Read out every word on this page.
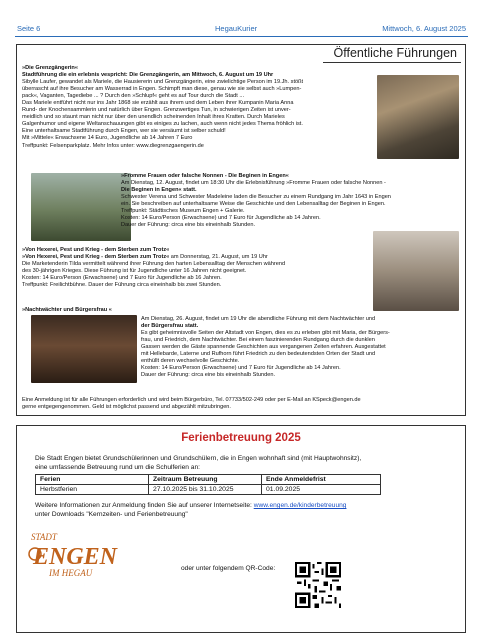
Seite 6	HegauKurier	Mittwoch, 6. August 2025
Öffentliche Führungen

»Die Grenzgängerin«

Stadtführung die ein erlebnis vespricht: Die Grenzgängerin, am Mittwoch, 6. August um 19 Uhr

Sibylle Laufer, gewandet als Mariele, die Hausiererin und Grenzgängerin, eine zwielichtige Person im 19.Jh. stößt

überrascht auf ihre Besucher am Wasserrad in Engen. Schimpft man diese, genau wie sie selbst auch »Lumpen-

pack«, Vaganten, Tagediebe ... ? Durch den »Schlupf« geht es auf Tour durch die Stadt ...

Das Mariele entführt nicht nur ins Jahr 1868 sie erzählt aus ihrem und dem Leben ihrer Kumpanin Maria Anna

Rund- der Knochensammlerin und natürlich über Engen. Grenzwertiges Tun, in schwierigen Zeiten ist unver-

meidlich und so staunt man nicht nur über den unendlich scheinenden Inhalt ihres Kratten. Durch Marieles

Galgenhumor und eigene Weltanschauungen gibt es einiges zu lachen, auch wenn nicht jedes Thema fröhlich ist.

Eine unterhaltsame Stadtführung durch Engen, wer sie versäumt ist selber schuld!

Mit »Mittele« Erwachsene 14 Euro, Jugendliche ab 14 Jahren 7 Euro

Treffpunkt: Felsenparkplatz. Mehr Infos unter: www.diegrenzgaengerin.de

»Fromme Frauen oder falsche Nonnen - Die Beginen in Engen«

Am Dienstag, 12. August, findet um 18:30 Uhr die Erlebnisführung »Fromme Frauen oder falsche Nonnen -

Die Beginen in Engen« statt.

Schwester Verena und Schwester Madeleine laden die Besucher zu einem Rundgang im Jahr 1643 in Engen

ein. Sie beschreiben auf unterhaltsame Weise die Geschichte und den Lebensalltag der Beginen in Engen.

Treffpunkt: Städtisches Museum Engen + Galerie.

Kosten: 14 Euro/Person (Erwachsene) und 7 Euro für Jugendliche ab 14 Jahren.

Dauer der Führung: circa eine bis eineinhalb Stunden.

»Von Hexerei, Pest und Krieg - dem Sterben zum Trotz«

»Von Hexerei, Pest und Krieg - dem Sterben zum Trotz« am Donnerstag, 21. August, um 19 Uhr

Die Marketenderin Tilda vermittelt während ihrer Führung den harten Lebensalltag der Menschen während

des 30-jährigen Krieges. Diese Führung ist für Jugendliche unter 16 Jahren nicht geeignet.

Kosten: 14 Euro/Person (Erwachsene) und 7 Euro für Jugendliche ab 16 Jahren.

Treffpunkt: Freilichtbühne. Dauer der Führung circa eineinhalb bis zwei Stunden.

»Nachtwächter und Bürgersfrau «

Am Dienstag, 26. August, findet um 19 Uhr die abendliche Führung mit dem Nachtwächter und

der Bürgersfrau statt.

Es gibt geheimnisvolle Seiten der Altstadt von Engen, dies es zu erleben gibt mit Maria, der Bürgers-

frau, und Friedrich, dem Nachtwächter. Bei einem faszinierenden Rundgang durch die dunklen

Gassen werden die Gäste spannende Geschichten aus vergangenen Zeiten erfahren. Ausgestattet

mit Hellebarde, Laterne und Rufhorn führt Friedrich zu den bedeutendsten Orten der Stadt und

enthüllt deren wechselvolle Geschichte.

Kosten: 14 Euro/Person (Erwachsene) und 7 Euro für Jugendliche ab 14 Jahren.

Dauer der Führung: circa eine bis eineinhalb Stunden.

Eine Anmeldung ist für alle Führungen erforderlich und wird beim Bürgerbüro, Tel. 07733/502-249 oder per E-Mail an KSpeck@engen.de

gerne entgegengenommen. Geld ist möglichst passend und abgezählt mitzubringen.

Ferienbetreuung 2025
Die Stadt Engen bietet Grundschülerinnen und Grundschülern, die in Engen wohnhaft sind (mit Hauptwohnsitz),
eine umfassende Betreuung rund um die Schulferien an:
Ferien	Zeitraum Betreuung	Ende Anmeldefrist
Herbstferien	27.10.2025 bis 31.10.2025	01.09.2025
Weitere Informationen zur Anmeldung finden Sie auf unserer Internetseite: www.engen.de/kinderbetreuung
unter Downloads "Kernzeiten- und Ferienbetreuung"
STADT
ENGEN
IM HEGAU	oder unter folgendem QR-Code:
